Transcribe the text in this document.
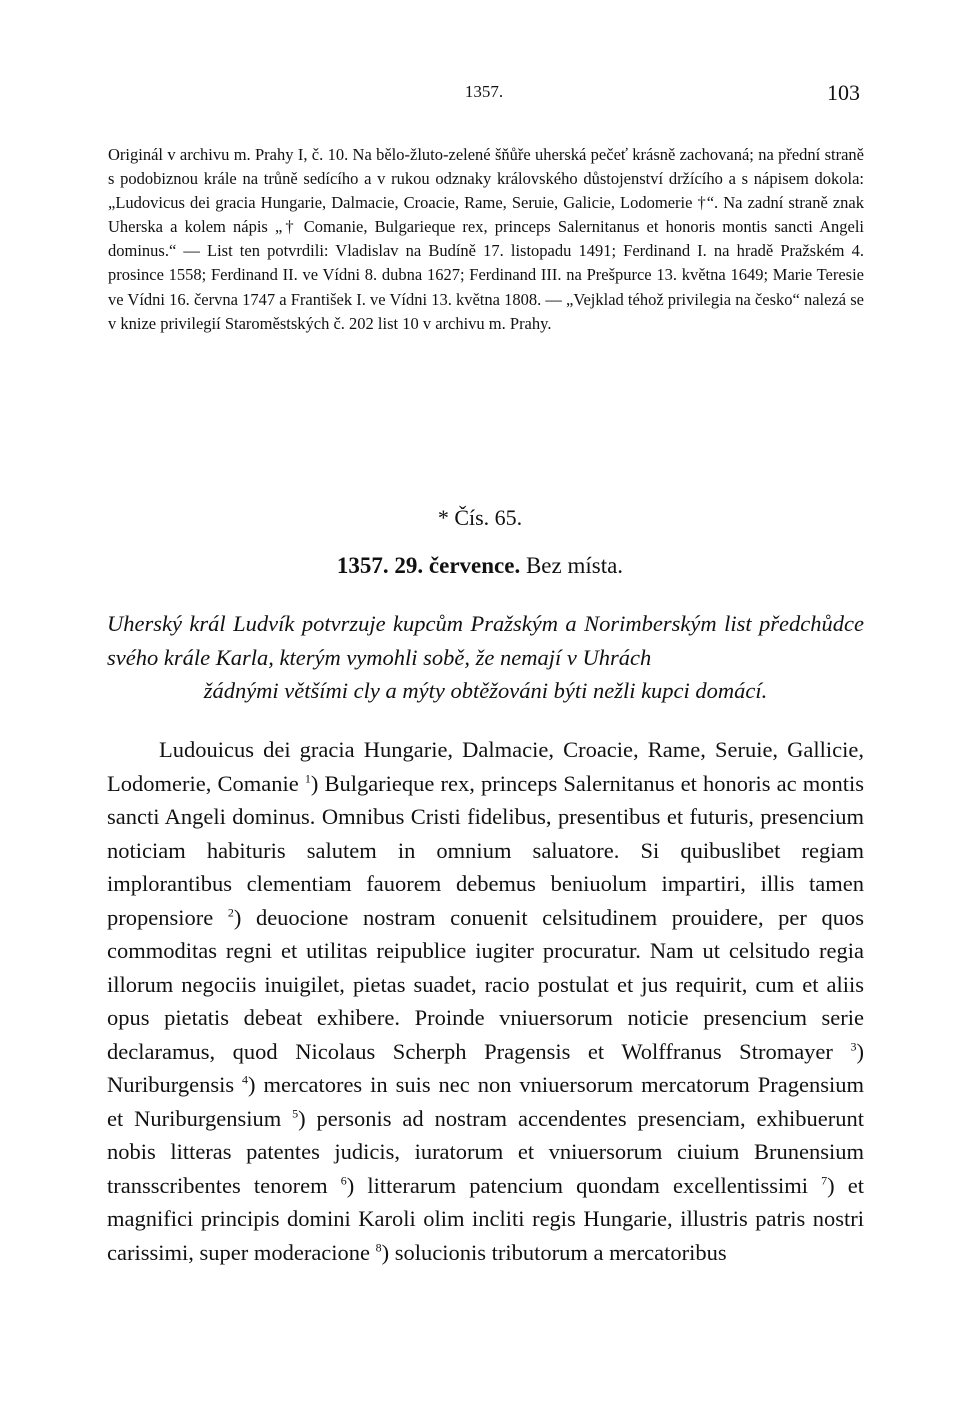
1357.	103
Originál v archivu m. Prahy I, č. 10. Na bělo-žluto-zelené šňůře uherská pečeť krásně zachovaná; na přední straně s podobiznou krále na trůně sedícího a v rukou odznaky královského důstojenství držícího a s nápisem dokola: „Ludovicus dei gracia Hungarie, Dalmacie, Croacie, Rame, Seruie, Galicie, Lodomerie †“. Na zadní straně znak Uherska a kolem nápis „† Comanie, Bulgarieque rex, princeps Salernitanus et honoris montis sancti Angeli dominus.“ — List ten potvrdili: Vladislav na Budíně 17. listopadu 1491; Ferdinand I. na hradě Pražském 4. prosince 1558; Ferdinand II. ve Vídni 8. dubna 1627; Ferdinand III. na Prešpurce 13. května 1649; Marie Teresie ve Vídni 16. června 1747 a František I. ve Vídni 13. května 1808. — „Vejklad téhož privilegia na česko“ nalezá se v knize privilegií Staroměstských č. 202 list 10 v archivu m. Prahy.
* Čís. 65.
1357. 29. července. Bez místa.
Uherský král Ludvík potvrzuje kupcům Pražským a Norimberským list předchůdce svého krále Karla, kterým vymohli sobě, že nemají v Uhrách
žádnými většími cly a mýty obtěžováni býti nežli kupci domácí.
Ludouicus dei gracia Hungarie, Dalmacie, Croacie, Rame, Seruie, Gallicie, Lodomerie, Comanie $^1$) Bulgarieque rex, princeps Salernitanus et honoris ac montis sancti Angeli dominus. Omnibus Cristi fidelibus, presentibus et futuris, presencium noticiam habituris salutem in omnium saluatore. Si quibuslibet regiam implorantibus clementiam fauorem debemus beniuolum impartiri, illis tamen propensiore $^2$) deuocione nostram conuenit celsitudinem prouidere, per quos commoditas regni et utilitas reipublice iugiter procuratur. Nam ut celsitudo regia illorum negociis inuigilet, pietas suadet, racio postulat et jus requirit, cum et aliis opus pietatis debeat exhibere. Proinde vniuersorum noticie presencium serie declaramus, quod Nicolaus Scherph Pragensis et Wolffranus Stromayer $^3$) Nuriburgensis $^4$) mercatores in suis nec non vniuersorum mercatorum Pragensium et Nuriburgensium $^5$) personis ad nostram accendentes presenciam, exhibuerunt nobis litteras patentes judicis, iuratorum et vniuersorum ciuium Brunensium transscribentes tenorem $^6$) litterarum patencium quondam excellentissimi $^7$) et magnifici principis domini Karoli olim incliti regis Hungarie, illustris patris nostri carissimi, super moderacione $^8$) solucionis tributorum a mercatoribus
